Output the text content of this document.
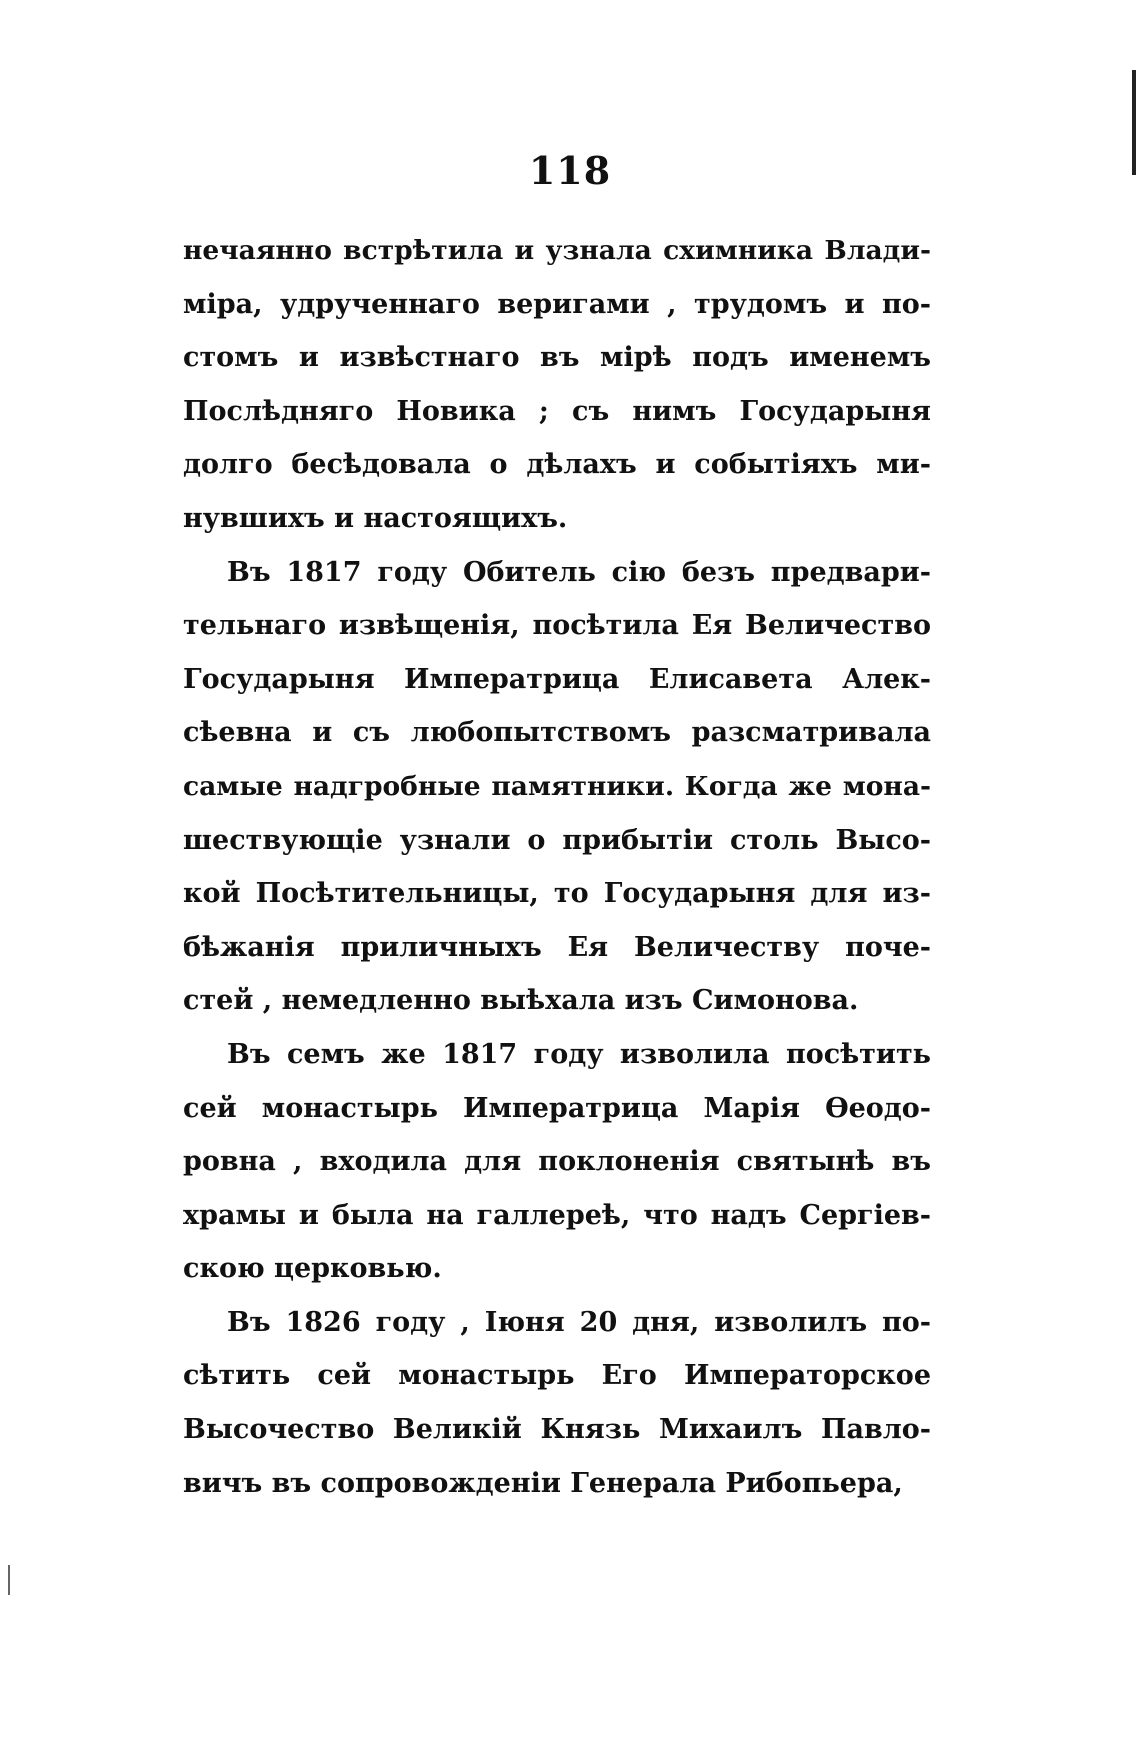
118
нечаянно встрѣтила и узнала схимника Влади-
міра, удрученнаго веригами , трудомъ и по-
стомъ и извѣстнаго въ мірѣ подъ именемъ
Послѣдняго Новика ; съ нимъ Государыня
долго бесѣдовала о дѣлахъ и событіяхъ ми-
нувшихъ и настоящихъ.
Въ 1817 году Обитель сію безъ предвари-
тельнаго извѣщенія, посѣтила Ея Величество
Государыня Императрица Елисавета Алек-
сѣевна и съ любопытствомъ разсматривала
самые надгробные памятники. Когда же мона-
шествующіе узнали о прибытіи столь Высо-
кой Посѣтительницы, то Государыня для из-
бѣжанія приличныхъ Ея Величеству поче-
стей , немедленно выѣхала изъ Симонова.
Въ семъ же 1817 году изволила посѣтить
сей монастырь Императрица Марія Ѳеодо-
ровна , входила для поклоненія святынѣ въ
храмы и была на галлереѣ, что надъ Сергіев-
скою церковью.
Въ 1826 году , Іюня 20 дня, изволилъ по-
сѣтить сей монастырь Его Императорское
Высочество Великій Князь Михаилъ Павло-
вичъ въ сопровожденіи Генерала Рибопьера,
